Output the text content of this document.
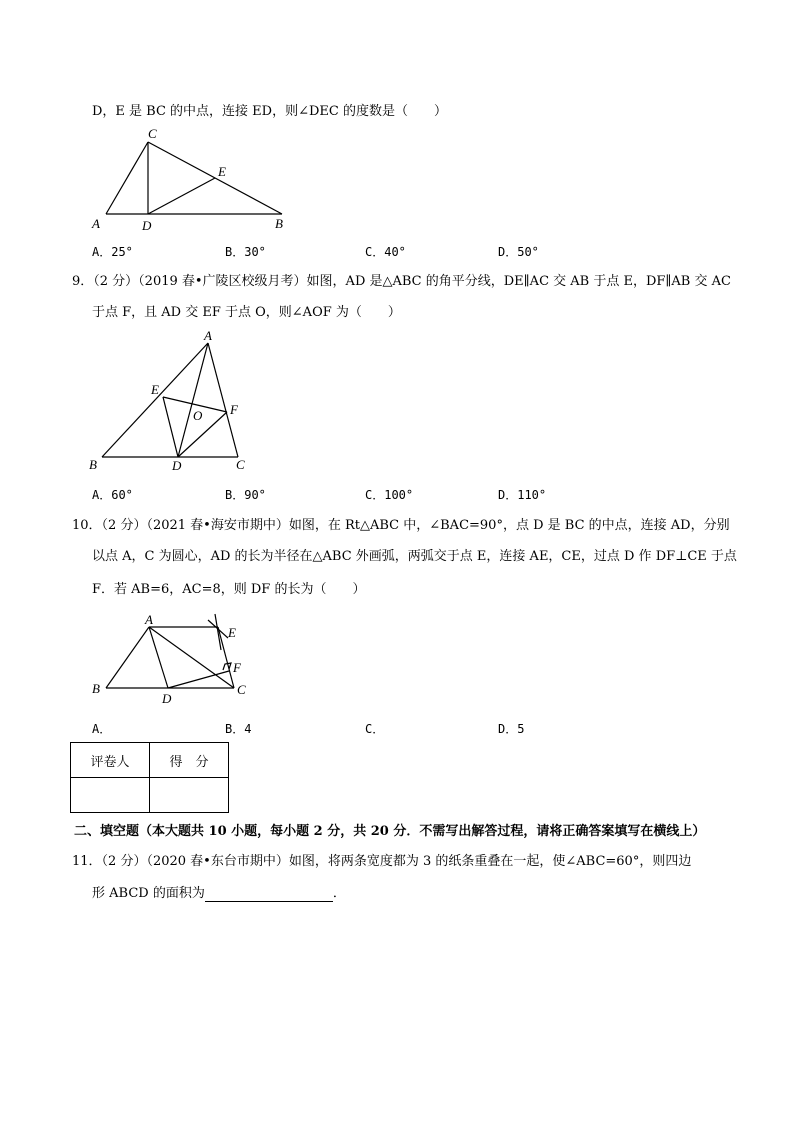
D，E 是 BC 的中点，连接 ED，则∠DEC 的度数是（　　）
C
E
A	D	B
A．25°	B．30°	C．40°	D．50°
9．（2 分）（2019 春•广陵区校级月考）如图，AD 是△ABC 的角平分线，DE∥AC 交 AB 于点 E，DF∥AB 交 AC
于点 F，且 AD 交 EF 于点 O，则∠AOF 为（　　）
A
E
O F
B	D	C
A．60°	B．90°	C．100°	D．110°
10．（2 分）（2021 春•海安市期中）如图，在 Rt△ABC 中，∠BAC=90°，点 D 是 BC 的中点，连接 AD，分别
以点 A，C 为圆心，AD 的长为半径在△ABC 外画弧，两弧交于点 E，连接 AE，CE，过点 D 作 DF⊥CE 于点
F．若 AB=6，AC=8，则 DF 的长为（　　）
A
E
F
B
D
C
A．	B．4	C．	D．5
评卷人	得　分

二、填空题（本大题共 10 小题，每小题 2 分，共 20 分．不需写出解答过程，请将正确答案填写在横线上）
11．（2 分）（2020 春•东台市期中）如图，将两条宽度都为 3 的纸条重叠在一起，使∠ABC=60°，则四边
形 ABCD 的面积为	．
